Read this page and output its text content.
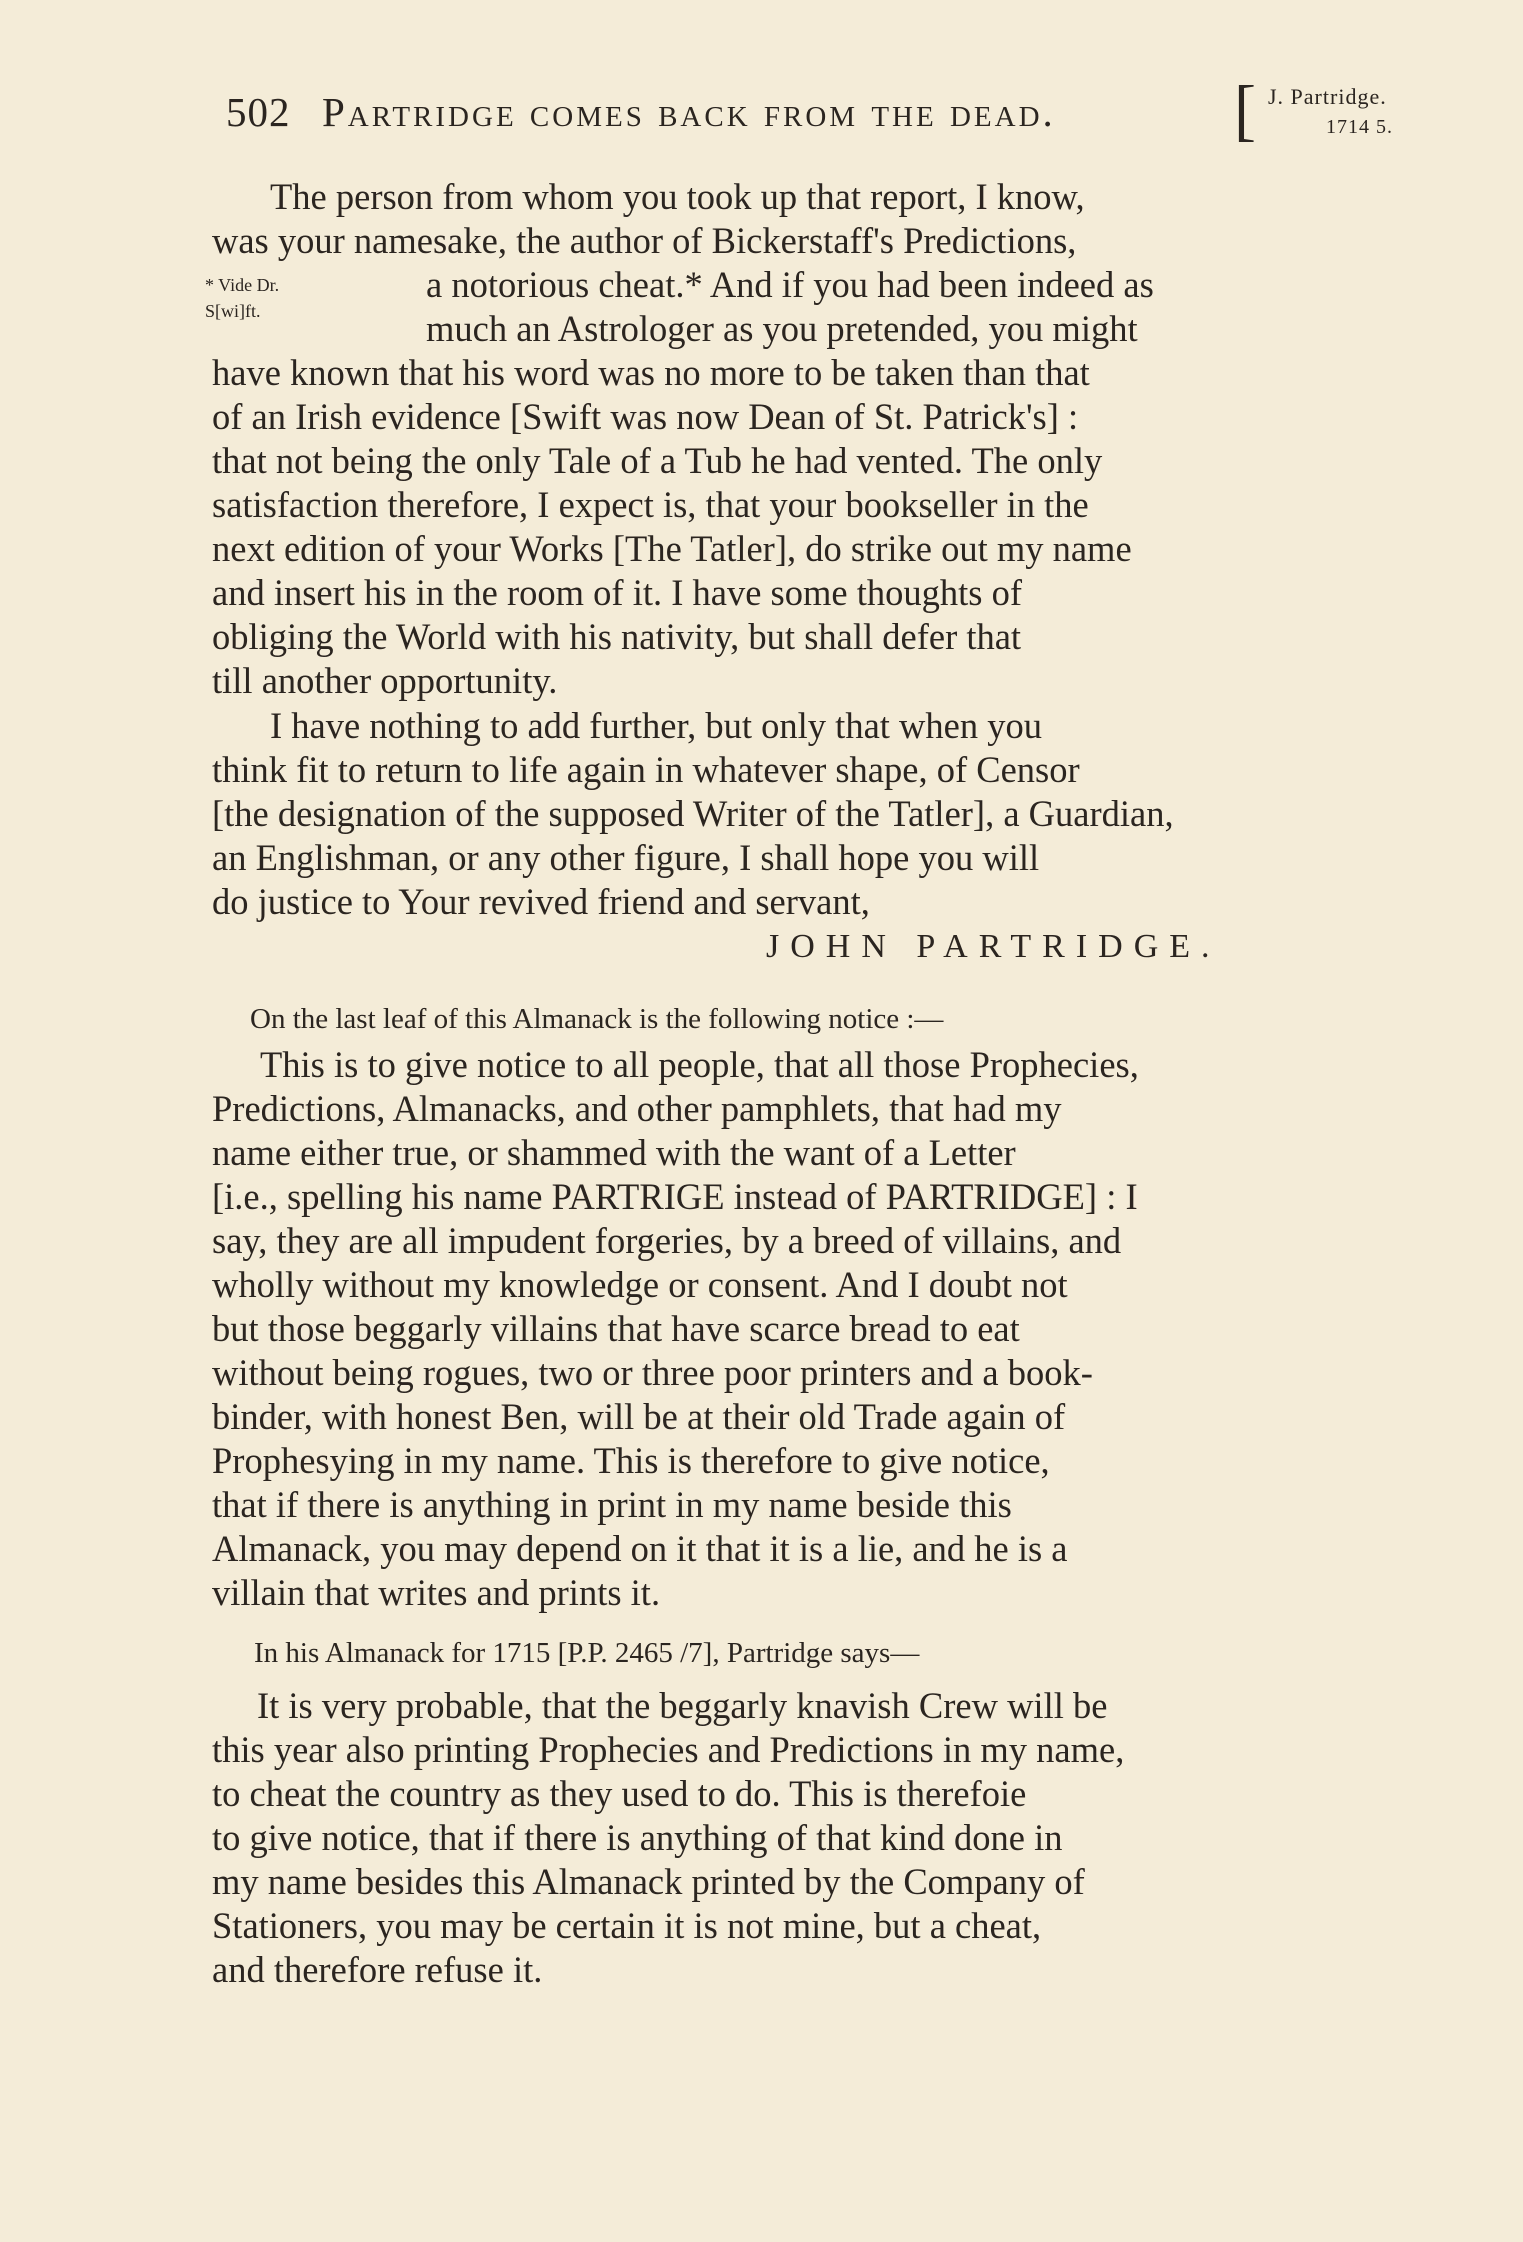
502 Partridge comes back from the dead.	[ J. Partridge.
1714 5.
* Vide Dr.
S[wi]ft.
The person from whom you took up that report, I know,
was your namesake, the author of Bickerstaff's Predictions,
a notorious cheat.* And if you had been indeed as
much an Astrologer as you pretended, you might
have known that his word was no more to be taken than that
of an Irish evidence [Swift was now Dean of St. Patrick's] :
that not being the only Tale of a Tub he had vented. The only
satisfaction therefore, I expect is, that your bookseller in the
next edition of your Works [The Tatler], do strike out my name
and insert his in the room of it. I have some thoughts of
obliging the World with his nativity, but shall defer that
till another opportunity.
I have nothing to add further, but only that when you
think fit to return to life again in whatever shape, of Censor
[the designation of the supposed Writer of the Tatler], a Guardian,
an Englishman, or any other figure, I shall hope you will
do justice to Your revived friend and servant,
JOHN PARTRIDGE.
On the last leaf of this Almanack is the following notice :—
This is to give notice to all people, that all those Prophecies,
Predictions, Almanacks, and other pamphlets, that had my
name either true, or shammed with the want of a Letter
[i.e., spelling his name PARTRIGE instead of PARTRIDGE] : I
say, they are all impudent forgeries, by a breed of villains, and
wholly without my knowledge or consent. And I doubt not
but those beggarly villains that have scarce bread to eat
without being rogues, two or three poor printers and a book-
binder, with honest Ben, will be at their old Trade again of
Prophesying in my name. This is therefore to give notice,
that if there is anything in print in my name beside this
Almanack, you may depend on it that it is a lie, and he is a
villain that writes and prints it.
In his Almanack for 1715 [P.P. 2465 /7], Partridge says—
It is very probable, that the beggarly knavish Crew will be
this year also printing Prophecies and Predictions in my name,
to cheat the country as they used to do. This is therefoie
to give notice, that if there is anything of that kind done in
my name besides this Almanack printed by the Company of
Stationers, you may be certain it is not mine, but a cheat,
and therefore refuse it.
